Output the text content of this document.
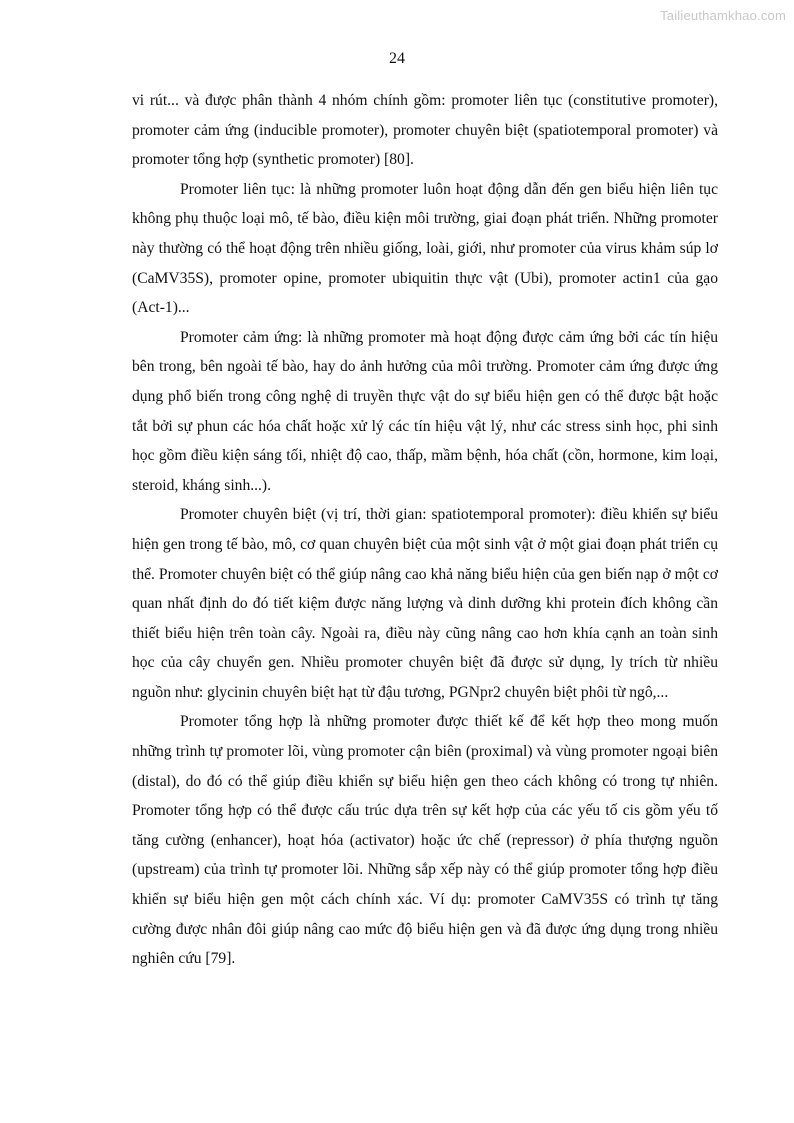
Tailieuthamkhao.com
24

vi rút... và được phân thành 4 nhóm chính gồm: promoter liên tục (constitutive promoter), promoter cảm ứng (inducible promoter), promoter chuyên biệt (spatiotemporal promoter) và promoter tổng hợp (synthetic promoter) [80].

Promoter liên tục: là những promoter luôn hoạt động dẫn đến gen biểu hiện liên tục không phụ thuộc loại mô, tế bào, điều kiện môi trường, giai đoạn phát triển. Những promoter này thường có thể hoạt động trên nhiều giống, loài, giới, như promoter của virus khảm súp lơ (CaMV35S), promoter opine, promoter ubiquitin thực vật (Ubi), promoter actin1 của gạo (Act-1)...

Promoter cảm ứng: là những promoter mà hoạt động được cảm ứng bởi các tín hiệu bên trong, bên ngoài tế bào, hay do ảnh hưởng của môi trường. Promoter cảm ứng được ứng dụng phổ biến trong công nghệ di truyền thực vật do sự biểu hiện gen có thể được bật hoặc tắt bởi sự phun các hóa chất hoặc xử lý các tín hiệu vật lý, như các stress sinh học, phi sinh học gồm điều kiện sáng tối, nhiệt độ cao, thấp, mầm bệnh, hóa chất (cồn, hormone, kim loại, steroid, kháng sinh...).

Promoter chuyên biệt (vị trí, thời gian: spatiotemporal promoter): điều khiển sự biểu hiện gen trong tế bào, mô, cơ quan chuyên biệt của một sinh vật ở một giai đoạn phát triển cụ thể. Promoter chuyên biệt có thể giúp nâng cao khả năng biểu hiện của gen biến nạp ở một cơ quan nhất định do đó tiết kiệm được năng lượng và dinh dưỡng khi protein đích không cần thiết biểu hiện trên toàn cây. Ngoài ra, điều này cũng nâng cao hơn khía cạnh an toàn sinh học của cây chuyển gen. Nhiều promoter chuyên biệt đã được sử dụng, ly trích từ nhiều nguồn như: glycinin chuyên biệt hạt từ đậu tương, PGNpr2 chuyên biệt phôi từ ngô,...

Promoter tổng hợp là những promoter được thiết kế để kết hợp theo mong muốn những trình tự promoter lõi, vùng promoter cận biên (proximal) và vùng promoter ngoại biên (distal), do đó có thể giúp điều khiển sự biểu hiện gen theo cách không có trong tự nhiên. Promoter tổng hợp có thể được cấu trúc dựa trên sự kết hợp của các yếu tố cis gồm yếu tố tăng cường (enhancer), hoạt hóa (activator) hoặc ức chế (repressor) ở phía thượng nguồn (upstream) của trình tự promoter lõi. Những sắp xếp này có thể giúp promoter tổng hợp điều khiển sự biểu hiện gen một cách chính xác. Ví dụ: promoter CaMV35S có trình tự tăng cường được nhân đôi giúp nâng cao mức độ biểu hiện gen và đã được ứng dụng trong nhiều nghiên cứu [79].
